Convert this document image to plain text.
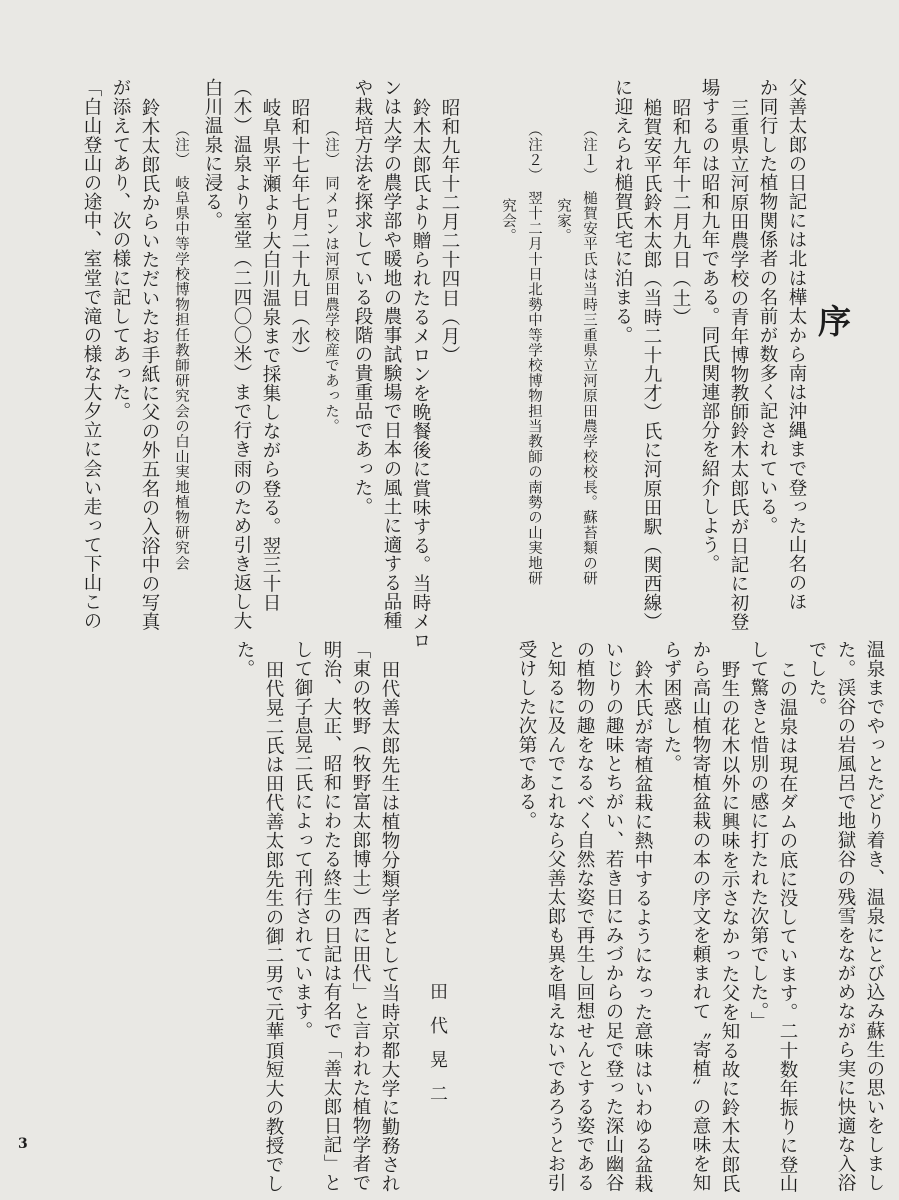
序
父善太郎の日記には北は樺太から南は沖縄まで登った山名のほ
か同行した植物関係者の名前が数多く記されている。
三重県立河原田農学校の青年博物教師鈴木太郎氏が日記に初登
場するのは昭和九年である。同氏関連部分を紹介しよう。
昭和九年十二月九日（土）
槌賀安平氏鈴木太郎（当時二十九才）氏に河原田駅（関西線）
に迎えられ槌賀氏宅に泊まる。
（注１）　槌賀安平氏は当時三重県立河原田農学校校長。蘇苔類の研
究家。
（注２）　翌十二月十日北勢中等学校博物担当教師の南勢の山実地研
究会。
昭和九年十二月二十四日（月）
鈴木太郎氏より贈られたるメロンを晩餐後に賞味する。当時メロ
ンは大学の農学部や暖地の農事試験場で日本の風土に適する品種
や栽培方法を探求している段階の貴重品であった。
（注）　同メロンは河原田農学校産であった。
昭和十七年七月二十九日（水）
岐阜県平瀬より大白川温泉まで採集しながら登る。翌三十日
（木）温泉より室堂（二四〇〇米）まで行き雨のため引き返し大
白川温泉に浸る。
（注）　岐阜県中等学校博物担任教師研究会の白山実地植物研究会
鈴木太郎氏からいただいたお手紙に父の外五名の入浴中の写真
が添えてあり、次の様に記してあった。
「白山登山の途中、室堂で滝の様な大夕立に会い走って下山この
温泉までやっとたどり着き、温泉にとび込み蘇生の思いをしまし
た。渓谷の岩風呂で地獄谷の残雪をながめながら実に快適な入浴
でした。
この温泉は現在ダムの底に没しています。二十数年振りに登山
して驚きと惜別の感に打たれた次第でした。」
野生の花木以外に興味を示さなかった父を知る故に鈴木太郎氏
から高山植物寄植盆栽の本の序文を頼まれて〝寄植〟の意味を知
らず困惑した。
鈴木氏が寄植盆栽に熱中するようになった意味はいわゆる盆栽
いじりの趣味とちがい、若き日にみづからの足で登った深山幽谷
の植物の趣をなるべく自然な姿で再生し回想せんとする姿である
と知るに及んでこれなら父善太郎も異を唱えないであろうとお引
受けした次第である。
田代善太郎先生は植物分類学者として当時京都大学に勤務され
「東の牧野（牧野富太郎博士）西に田代」と言われた植物学者で
明治、大正、昭和にわたる終生の日記は有名で「善太郎日記」と
して御子息晃二氏によって刊行されています。
田代晃二氏は田代善太郎先生の御二男で元華頂短大の教授でし
た。
田代晃二
3
